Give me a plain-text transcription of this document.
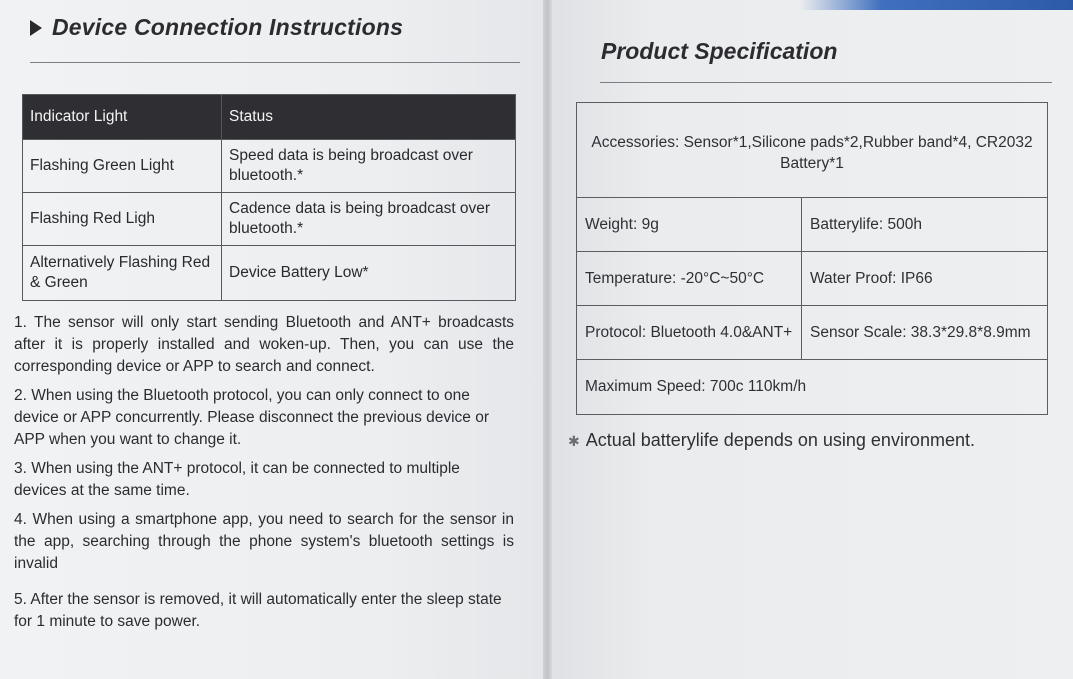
Device Connection Instructions
Indicator Light	Status
Flashing Green Light	Speed data is being broadcast over bluetooth.*
Flashing Red Ligh	Cadence data is being broadcast over bluetooth.*
Alternatively Flashing Red & Green	Device Battery Low*

1. The sensor will only start sending Bluetooth and ANT+ broadcasts after it is properly installed and woken-up. Then, you can use the corresponding device or APP to search and connect.

2. When using the Bluetooth protocol, you can only connect to one device or APP concurrently. Please disconnect the previous device or APP when you want to change it.

3. When using the ANT+ protocol, it can be connected to multiple devices at the same time.

4. When using a smartphone app, you need to search for the sensor in the app, searching through the phone system's bluetooth settings is invalid

5. After the sensor is removed, it will automatically enter the sleep state for 1 minute to save power.

Product Specification
Accessories: Sensor*1,Silicone pads*2,Rubber band*4, CR2032 Battery*1	
Weight: 9g	Batterylife: 500h
Temperature: -20°C~50°C	Water Proof: IP66
Protocol: Bluetooth 4.0&ANT+	Sensor Scale: 38.3*29.8*8.9mm
Maximum Speed: 700c 110km/h	
✱ Actual batterylife depends on using environment.
